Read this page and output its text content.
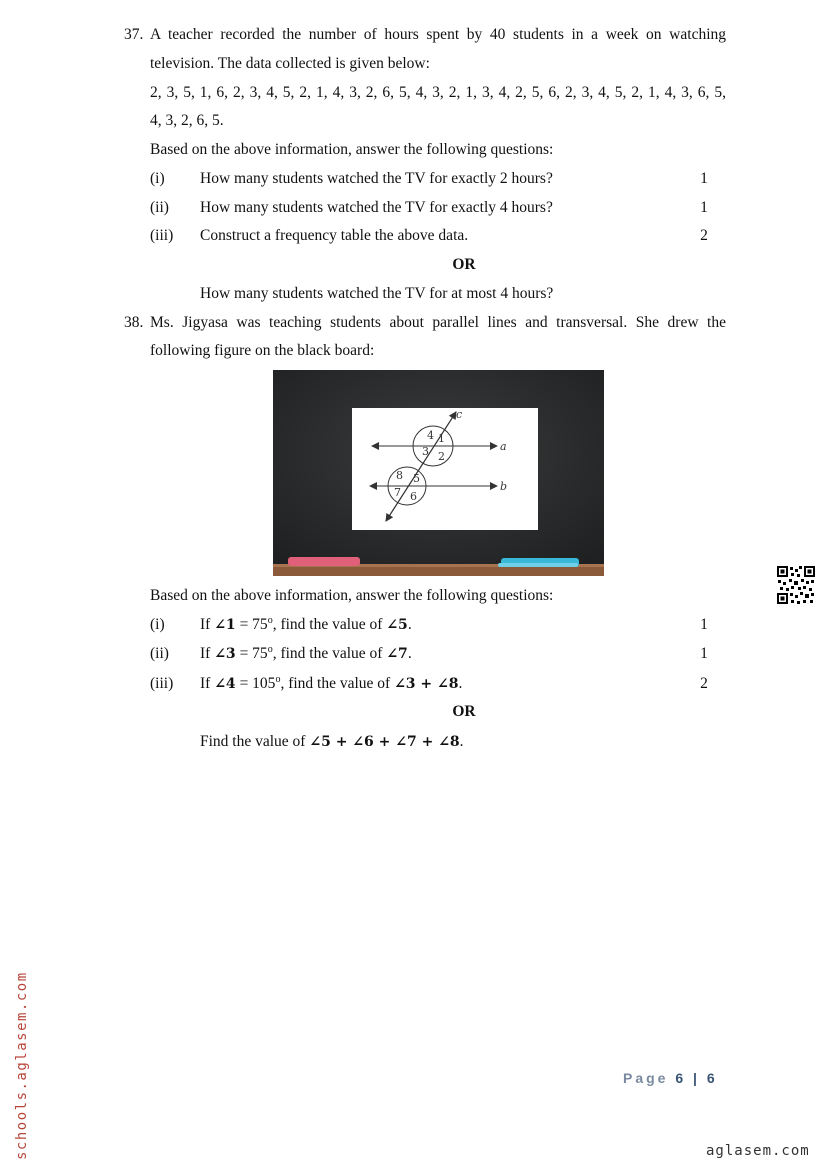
37. A teacher recorded the number of hours spent by 40 students in a week on watching
television. The data collected is given below:
2, 3, 5, 1, 6, 2, 3, 4, 5, 2, 1, 4, 3, 2, 6, 5, 4, 3, 2, 1, 3, 4, 2, 5, 6, 2, 3, 4, 5, 2, 1, 4, 3, 6, 5,
4, 3, 2, 6, 5.
Based on the above information, answer the following questions:
(i) How many students watched the TV for exactly 2 hours?	1
(ii) How many students watched the TV for exactly 4 hours?	1
(iii) Construct a frequency table the above data.	2
OR
How many students watched the TV for at most 4 hours?
38. Ms. Jigyasa was teaching students about parallel lines and transversal. She drew the
following figure on the black board:
c
a
b
4 1
3 2
8 5
7 6
Based on the above information, answer the following questions:
(i) If ∠1 = $75^o$, find the value of ∠5.	1
(ii) If ∠3 = $75^o$, find the value of ∠7.	1
(iii) If ∠4 = $105^o$, find the value of ∠3 + ∠8.	2
OR
Find the value of ∠5 + ∠6 + ∠7 + ∠8.
Page 6 | 6
schools.aglasem.com	aglasem.com
